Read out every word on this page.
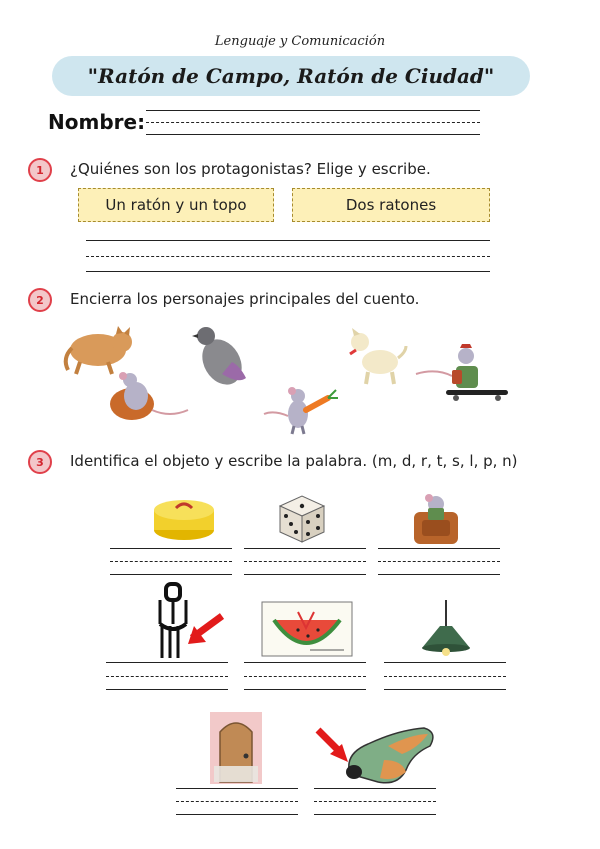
Lenguaje y Comunicación
"Ratón de Campo, Ratón de Ciudad"
Nombre:
1	¿Quiénes son los protagonistas? Elige y escribe.
Un ratón y un topo	Dos ratones
2	Encierra los personajes principales del cuento.
3	Identifica el objeto y escribe la palabra. (m, d, r, t, s, l, p, n)
